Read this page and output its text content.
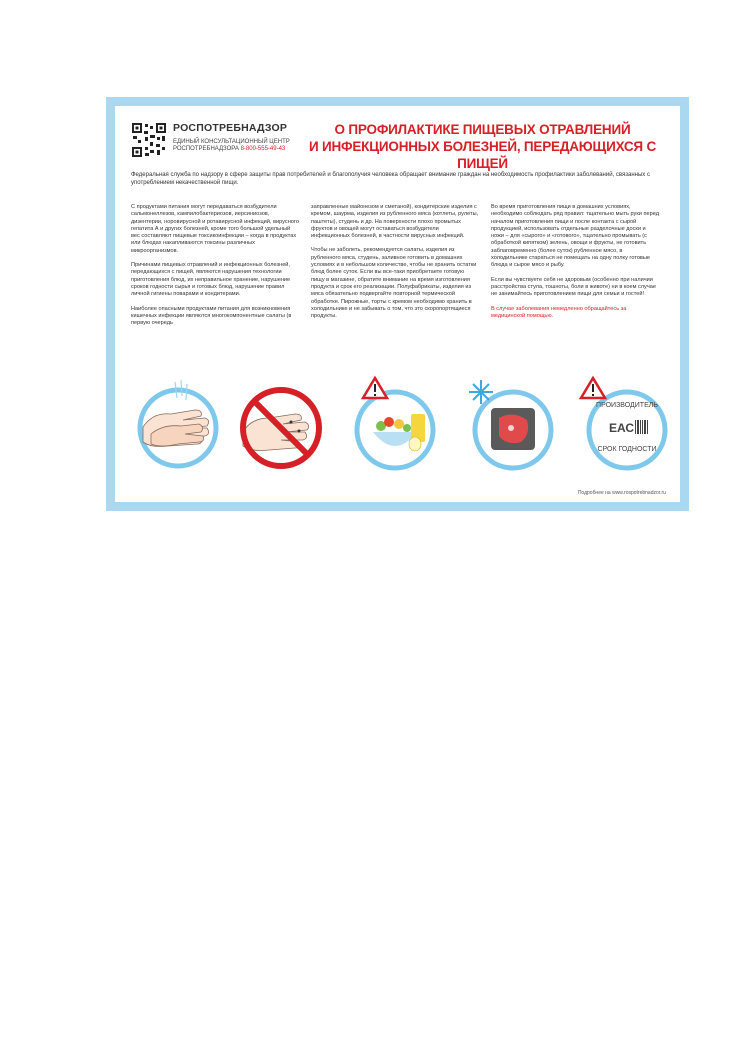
РОСПОТРЕБНАДЗОР
ЕДИНЫЙ КОНСУЛЬТАЦИОННЫЙ ЦЕНТР
РОСПОТРЕБНАДЗОРА 8-800-555-49-43
О ПРОФИЛАКТИКЕ ПИЩЕВЫХ ОТРАВЛЕНИЙ
И ИНФЕКЦИОННЫХ БОЛЕЗНЕЙ, ПЕРЕДАЮЩИХСЯ С ПИЩЕЙ
Федеральная служба по надзору в сфере защиты прав потребителей и благополучия человека обращает внимание граждан на необходимость профилактики заболеваний, связанных с употреблением некачественной пищи.

С продуктами питания могут передаваться возбудители сальмонеллезов, кампилобактериозов, иерсиниозов, дизентерии, норовирусной и ротавирусной инфекций, вирусного гепатита А и других болезней, кроме того большой удельный вес составляют пищевые токсикоинфекции – когда в продуктах или блюдах накапливаются токсины различных микроорганизмов.

Причинами пищевых отравлений и инфекционных болезней, передающихся с пищей, являются нарушения технологии приготовления блюд, их неправильное хранение, нарушение сроков годности сырья и готовых блюд, нарушение правил личной гигиены поварами и кондитерами.

Наиболее опасными продуктами питания для возникновения кишечных инфекции являются многокомпонентные салаты (в первую очередь

заправленные майонезом и сметаной), кондитерские изделия с кремом, шаурма, изделия из рубленного мяса (котлеты, рулеты, паштеты), студень и др. На поверхности плохо промытых фруктов и овощей могут оставаться возбудители инфекционных болезней, в частности вирусных инфекций.

Чтобы не заболеть, рекомендуется салаты, изделия из рубленного мяса, студень, заливное готовить в домашних условиях и в небольшом количестве, чтобы не хранить остатки блюд более суток. Если вы все-таки приобретаете готовую пищу в магазине, обратите внимание на время изготовления продукта и срок его реализации. Полуфабрикаты, изделия из мяса обязательно подвергайте повторной термической обработке. Пирожные, торты с кремом необходимо хранить в холодильнике и не забывать о том, что это скоропортящиеся продукты.

Во время приготовления пищи в домашних условиях, необходимо соблюдать ряд правил: тщательно мыть руки перед началом приготовления пищи и после контакта с сырой продукцией, использовать отдельные разделочные доски и ножи – для «сырого» и «готового», тщательно промывать (с обработкой кипятком) зелень, овощи и фрукты, не готовить заблаговременно (более суток) рубленное мясо, в холодильнике стараться не помещать на одну полку готовые блюда и сырое мясо и рыбу.

Если вы чувствуете себя не здоровым (особенно при наличии расстройства стула, тошноты, боли в животе) ни в коем случае не занимайтесь приготовлением пищи для семьи и гостей!

В случае заболевания немедленно обращайтесь за медицинской помощью.

ПРОИЗВОДИТЕЛЬ
ЕАС
СРОК ГОДНОСТИ
Подробнее на www.rospotrebnadzor.ru
